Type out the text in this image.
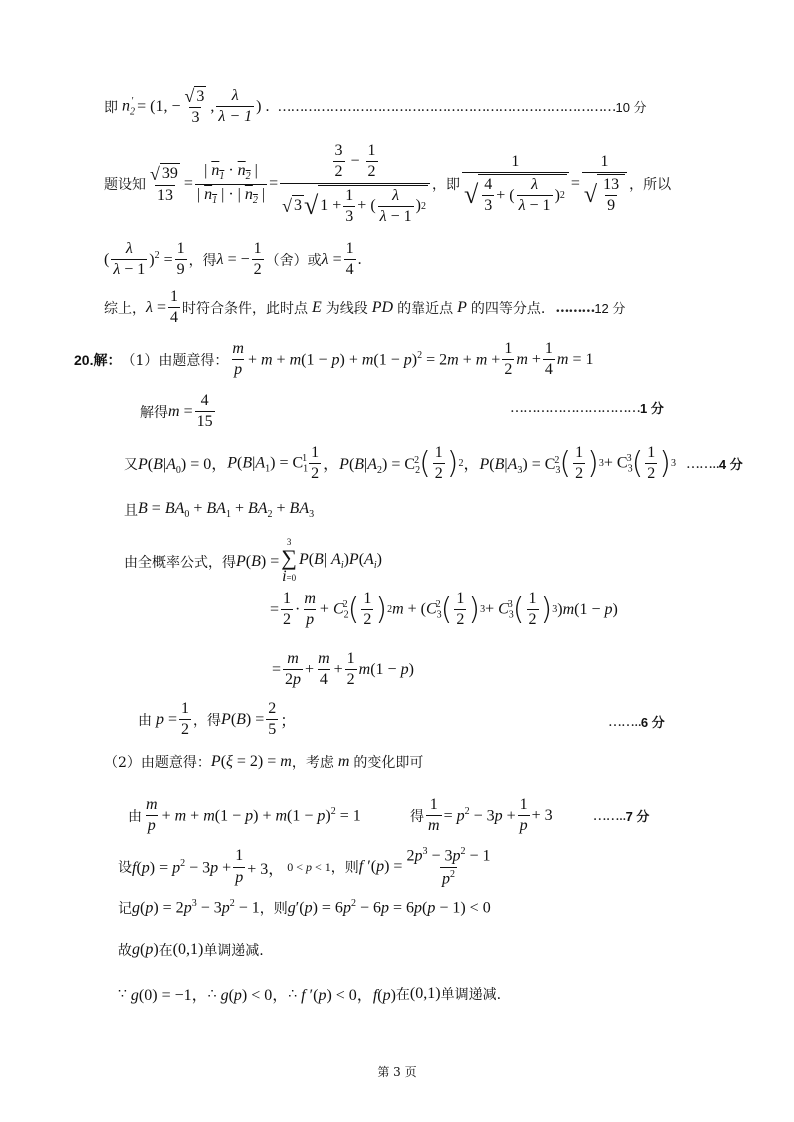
即 $n_2' = (1$, − $\frac{√ 3}{3}$ , $\frac{\lambda}{\lambda - 1}$ ) . …………………………………………………………………… 10 分
题设知 $\frac{√ 39}{13} = \frac{| n_1 \cdot n_2 |}{| n_1 | \cdot | n_2 |} = \frac{\frac{3}{2} - \frac{1}{2}}{√ 3 √ 1 + \frac{1}{3} + ( \frac{\lambda}{\lambda - 1} ) 2}$ ，即 $\frac{1}{√ \frac{4}{3} + ( \frac{\lambda}{\lambda - 1} ) 2} = \frac{1}{√ \frac{13}{9}}$ ，所以
( $\frac{\lambda}{\lambda - 1} )^2 = \frac{1}{9}$ ，得 λ = − $\frac{1}{2}$ （舍）或 $\lambda = \frac{1}{4}$ .
综上， $\lambda = \frac{1}{4}$ 时符合条件，此时点 E 为线段 PD 的靠近点 P 的四等分点. ……… 12 分
20. 解： （1）由题意得： $\frac{m}{p} + m + m(1 - p) + m(1 - p)^2 = 2m + m + \frac{1}{2}$ $m + \frac{1}{4}$ m = 1
解得 $m = \frac{4}{15}$	………………………… 1 分
又 $P(B|A_0) = 0$， $P(B|A_1) = C_1^1 \frac{1}{2}$ ，$P(B|A_2) = C_2^2$ ( $\frac{1}{2}$ ) 2 ，$P(B|A_3) = C_3^2$ ( $\frac{1}{2}$ ) $3 + C_3^3$ ( $\frac{1}{2}$ ) 3 …….. 4 分
且 $B = BA_0 + BA_1 + BA_2 + BA_3$
由全概率公式，得 P(B) =
3
∑
i=0
P(B| $A_i)P(A_i)$
= $\frac{1}{2} \cdot \frac{m}{p} + C_2^2$ ( $\frac{1}{2}$ ) 2 $m + (C_3^2$ ( $\frac{1}{2}$ ) $3 + C_3^3$ ( $\frac{1}{2}$ ) 3 )m(1 − p)
= $\frac{m}{2p} + \frac{m}{4} + \frac{1}{2} m(1 - p)$
由 $p = \frac{1}{2}$ ，得 $P(B) = \frac{2}{5}$ ；	…….. 6 分
（2）由题意得： P(ξ = 2) = m ，考虑 m 的变化即可
由 $\frac{m}{p} + m + m(1 - p) + m(1 - p)^2 = 1$	得 $\frac{1}{m} = p^2 - 3p + \frac{1}{p} + 3$	…….. 7 分
设 $f(p) = p^2 - 3p + \frac{1}{p} + 3$， 0 < p < 1 ，则 f $'(p) = \frac{2p^3 - 3p^2 - 1}{p^2}$
记 $g(p) = 2p^3 - 3p^2 - 1$ ，则 $g'(p) = 6p^2 - 6p = 6p(p - 1) < 0$
故 g(p) 在 (0,1) 单调递减.
∵ g(0) = −1， ∴ g(p) < 0， ∴ f ′(p) < 0，f(p) 在 (0,1) 单调递减.
第 3 页
